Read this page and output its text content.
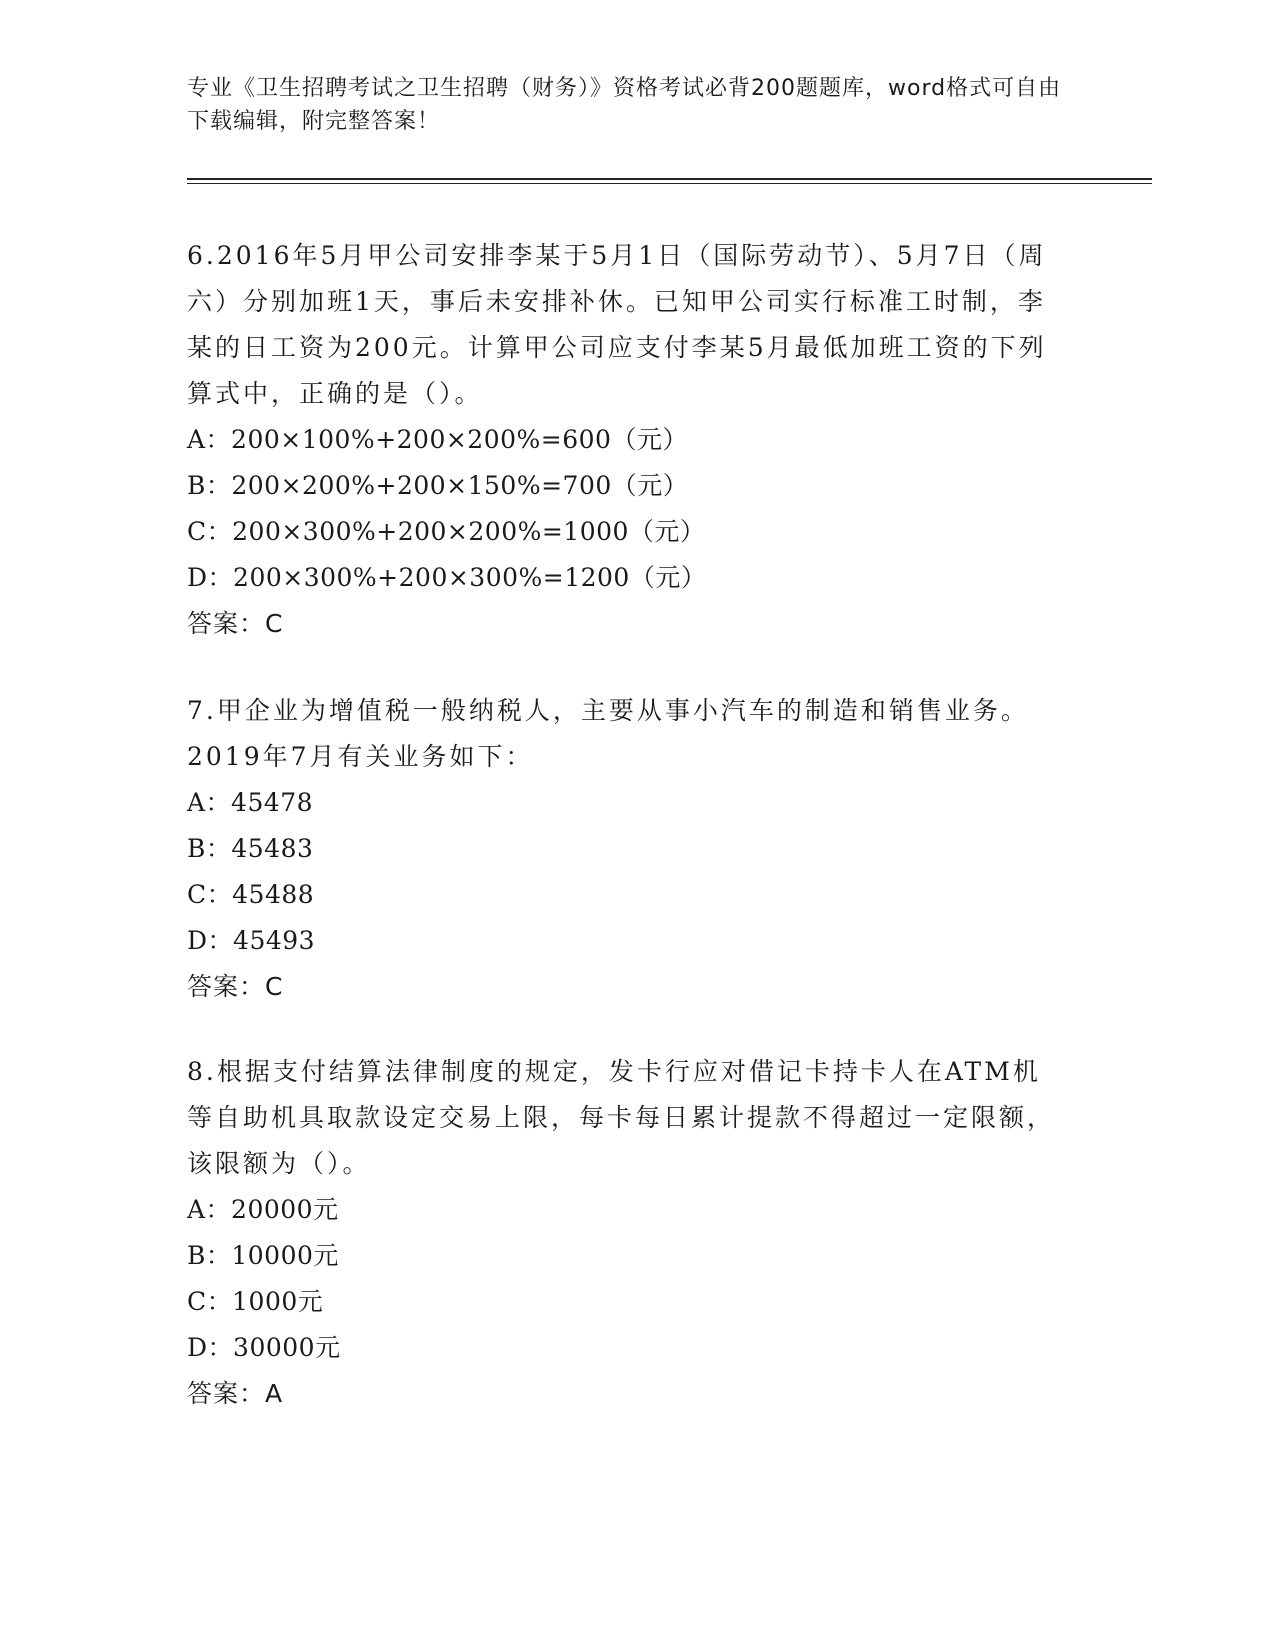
专业《卫生招聘考试之卫生招聘（财务）》资格考试必背200题题库，word格式可自由下载编辑，附完整答案！

6.2016年5月甲公司安排李某于5月1日（国际劳动节）、5月7日（周六）分别加班1天，事后未安排补休。已知甲公司实行标准工时制，李某的日工资为200元。计算甲公司应支付李某5月最低加班工资的下列算式中，正确的是（）。

A：200×100%+200×200%=600（元）

B：200×200%+200×150%=700（元）

C：200×300%+200×200%=1000（元）

D：200×300%+200×300%=1200（元）

答案：C

7.甲企业为增值税一般纳税人，主要从事小汽车的制造和销售业务。2019年7月有关业务如下：

A：45478

B：45483

C：45488

D：45493

答案：C

8.根据支付结算法律制度的规定，发卡行应对借记卡持卡人在ATM机等自助机具取款设定交易上限，每卡每日累计提款不得超过一定限额，该限额为（）。

A：20000元

B：10000元

C：1000元

D：30000元

答案：A
